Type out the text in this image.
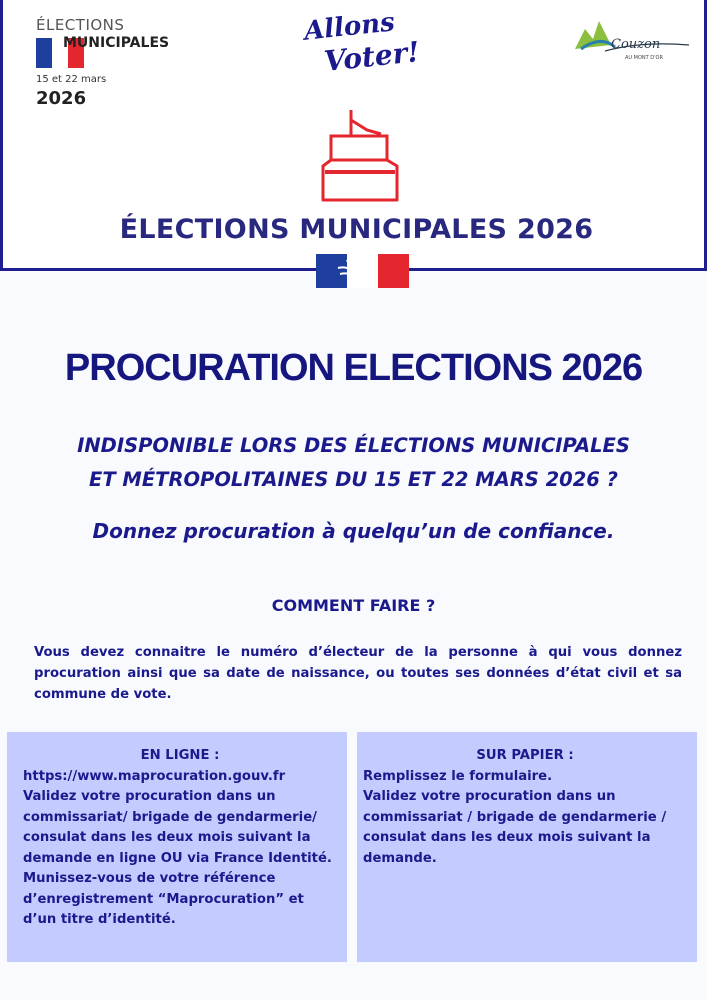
ÉLECTIONS
MUNICIPALES
15 et 22 mars
2026
Allons
Voter!	Couzon
AU MONT D'OR
ÉLECTIONS MUNICIPALES 2026
PROCURATION ELECTIONS 2026
INDISPONIBLE LORS DES ÉLECTIONS MUNICIPALES
ET MÉTROPOLITAINES DU 15 ET 22 MARS 2026 ?
Donnez procuration à quelqu’un de confiance.
COMMENT FAIRE ?
Vous devez connaitre le numéro d’électeur de la personne à qui vous donnez procuration ainsi que sa date de naissance, ou toutes ses données d’état civil et sa commune de vote.
EN LIGNE :
https://www.maprocuration.gouv.fr
Validez votre procuration dans un
commissariat/ brigade de gendarmerie/
consulat dans les deux mois suivant la
demande en ligne OU via France Identité.
Munissez-vous de votre référence
d’enregistrement “Maprocuration” et
d’un titre d’identité.
SUR PAPIER :
Remplissez le formulaire.
Validez votre procuration dans un
commissariat / brigade de gendarmerie /
consulat dans les deux mois suivant la
demande.
